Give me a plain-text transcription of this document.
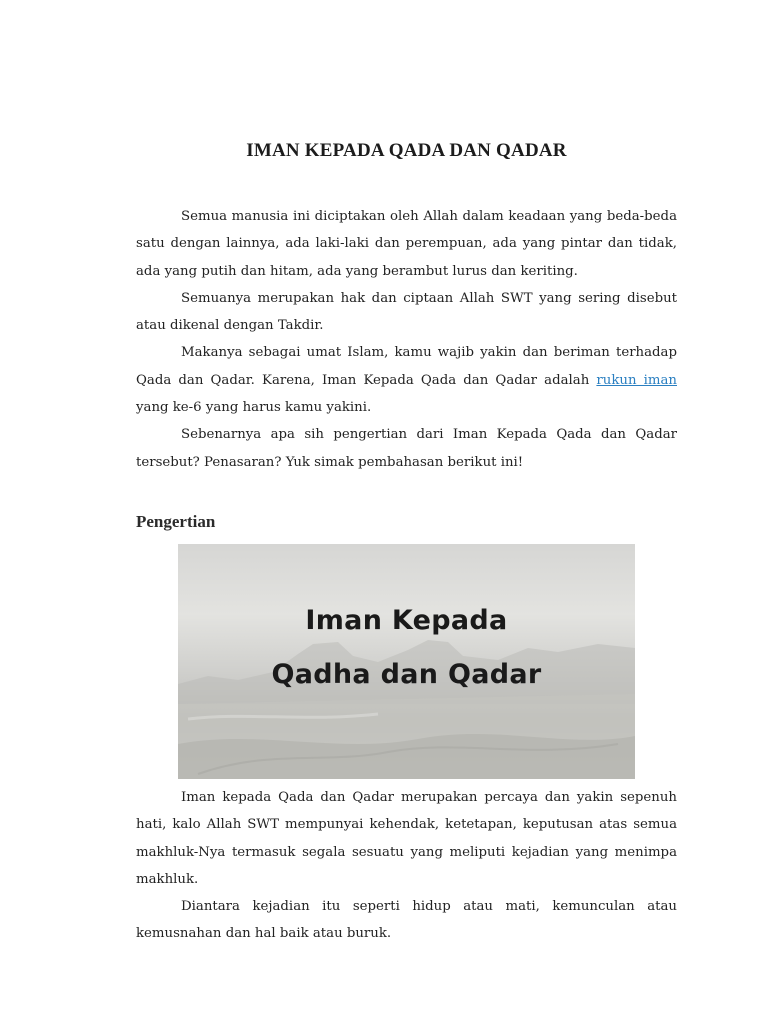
IMAN KEPADA QADA DAN QADAR

Semua manusia ini diciptakan oleh Allah dalam keadaan yang beda-beda satu dengan lainnya, ada laki-laki dan perempuan, ada yang pintar dan tidak, ada yang putih dan hitam, ada yang berambut lurus dan keriting.

Semuanya merupakan hak dan ciptaan Allah SWT yang sering disebut atau dikenal dengan Takdir.

Makanya sebagai umat Islam, kamu wajib yakin dan beriman terhadap Qada dan Qadar. Karena, Iman Kepada Qada dan Qadar adalah rukun iman yang ke-6 yang harus kamu yakini.

Sebenarnya apa sih pengertian dari Iman Kepada Qada dan Qadar tersebut? Penasaran? Yuk simak pembahasan berikut ini!

Pengertian
Iman Kepada
Qadha dan Qadar

Iman kepada Qada dan Qadar merupakan percaya dan yakin sepenuh hati, kalo Allah SWT mempunyai kehendak, ketetapan, keputusan atas semua makhluk-Nya termasuk segala sesuatu yang meliputi kejadian yang menimpa makhluk.

Diantara kejadian itu seperti hidup atau mati, kemunculan atau kemusnahan dan hal baik atau buruk.
